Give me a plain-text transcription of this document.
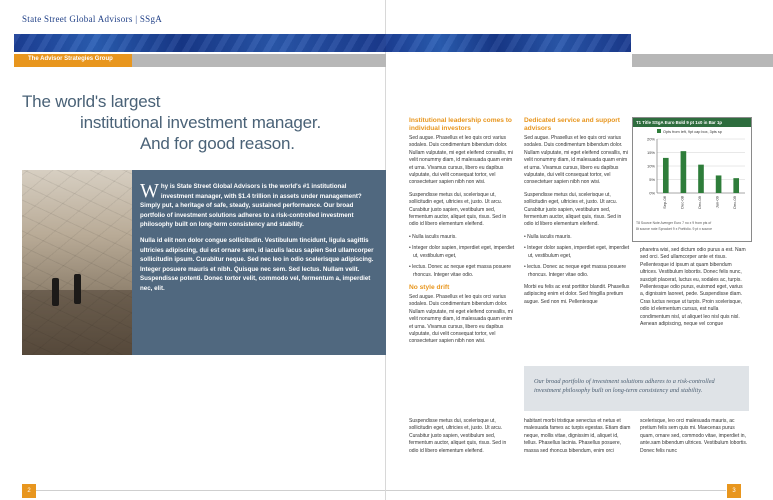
State Street Global Advisors | SSgA
The Advisor Strategies Group
The world's largest
institutional investment manager.
And for good reason.

Why is State Street Global Advisors is the world's #1 institutional investment manager, with $1.4 trillion in assets under management? Simply put, a heritage of safe, steady, sustained performance. Our broad portfolio of investment solutions adheres to a risk-controlled investment philosophy built on long-term consistency and stability.

Nulla id elit non dolor congue sollicitudin. Vestibulum tincidunt, ligula sagittis ultricies adipiscing, dui est ornare sem, id iaculis lacus sapien Sed ullamcorper sollicitudin ipsum. Curabitur neque. Sed nec leo in odio scelerisque adipiscing. Integer posuere mauris et nibh. Quisque nec sem. Sed lectus. Nullam velit. Suspendisse potenti. Donec tortor velit, commodo vel, fermentum a, imperdiet nec, elit.

2
Institutional leadership comes to individual investors

Sed augue. Phasellus et leo quis orci varius sodales. Duis condimentum bibendum dolor. Nullam vulputate, mi eget eleifend convallis, mi velit nonummy diam, id malesuada quam enim et urna. Vivamus cursus, libero eu dapibus vulputate, dui velit consequat tortor, vel consectetuer sapien nibh non wisi.

Suspendisse metus dui, scelerisque ut, sollicitudin eget, ultricies et, justo. Ut arcu. Curabitur justo sapien, vestibulum sed, fermentum auctor, aliquet quis, risus. Sed in odio id libero elementum eleifend.

• Nulla iaculis mauris.
• Integer dolor sapien, imperdiet eget, imperdiet ut, vestibulum eget,
• lectus. Donec ac neque eget massa posuere rhoncus. Integer vitae odio.
No style drift

Sed augue. Phasellus et leo quis orci varius sodales. Duis condimentum bibendum dolor. Nullam vulputate, mi eget eleifend convallis, mi velit nonummy diam, id malesuada quam enim et urna. Vivamus cursus, libero eu dapibus vulputate, dui velit consequat tortor, vel consectetuer sapien nibh non wisi.

Dedicated service and support advisors

Sed augue. Phasellus et leo quis orci varius sodales. Duis condimentum bibendum dolor. Nullam vulputate, mi eget eleifend convallis, mi velit nonummy diam, id malesuada quam enim et urna. Vivamus cursus, libero eu dapibus vulputate, dui velit consequat tortor, vel consectetuer sapien nibh non wisi.

Suspendisse metus dui, scelerisque ut, sollicitudin eget, ultricies et, justo. Ut arcu. Curabitur justo sapien, vestibulum sed, fermentum auctor, aliquet quis, risus. Sed in odio id libero elementum eleifend.

• Nulla iaculis mauris.
• Integer dolor sapien, imperdiet eget, imperdiet ut, vestibulum eget,
• lectus. Donec ac neque eget massa posuere rhoncus. Integer vitae odio.

Morbi eu felis ac erat porttitor blandit. Phasellus adipiscing enim et dolor. Sed fringilla pretium augue. Sed non mi. Pellentesque

T1 Title SSgA Euro Bold 9 pt 1x0 in Bar 1p
Opts from left, 9pt cap box, 3pts sp
0%
5%
10%
15%
20%
Sep-06	Dec-08	Dec-09	Jun-09	Dec-09
T8 Source Note Avenger Euro 7 no x 9 from pts of
8t source note Sprocket 9 x Portfolio. 9 pt x source

pharetra wisi, sed dictum odio purus a est. Nam sed orci. Sed ullamcorper ante et risus. Pellentesque id ipsum at quam bibendum ultrices. Vestibulum lobortis. Donec felis nunc, suscipit placerat, luctus eu, sodales ac, turpis. Pellentesque odio purus, euismod eget, varius a, dignissim laoreet, pede. Suspendisse diam. Cras luctus neque ut turpis. Proin scelerisque, odio id elementum cursus, est nulla condimentum nisl, ut aliquet leo nisl quis nisl. Aenean adipiscing, neque vel congue

Our broad portfolio of investment solutions adheres to a risk-controlled investment philosophy built on long-term consistency and stability.

Suspendisse metus dui, scelerisque ut, sollicitudin eget, ultricies et, justo. Ut arcu. Curabitur justo sapien, vestibulum sed, fermentum auctor, aliquet quis, risus. Sed in odio id libero elementum eleifend.

habitant morbi tristique senectus et netus et malesuada fames ac turpis egestas. Etiam diam neque, mollis vitae, dignissim id, aliquet id, tellus. Phasellus lacinia. Phasellus posuere, massa sed rhoncus bibendum, enim orci

scelerisque, leo orci malesuada mauris, ac pretium felis sem quis mi. Maecenas purus quam, ornare sed, commodo vitae, imperdiet in, ante.sam bibendum ultrices. Vestibulum lobortis. Donec felis nunc

3
